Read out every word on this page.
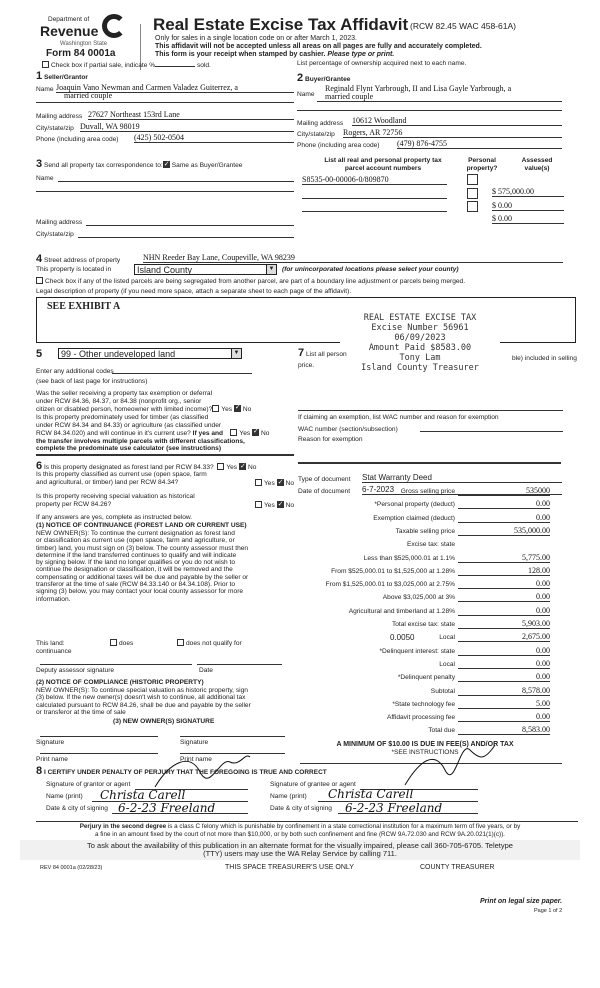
Department of
Revenue
Washington State
Form 84 0001a
Real Estate Excise Tax Affidavit (RCW 82.45 WAC 458-61A)
Only for sales in a single location code on or after March 1, 2023.
This affidavit will not be accepted unless all areas on all pages are fully and accurately completed.
This form is your receipt when stamped by cashier. Please type or print.
Check box if partial sale, indicate %	sold.	List percentage of ownership acquired next to each name.
1 Seller/Grantor
Name Joaquin Vano Newman and Carmen Valadez Guiterrez, a
married couple
Mailing address 27627 Northeast 153rd Lane
City/state/zip Duvall, WA 98019
Phone (including area code) (425) 502-0504
2 Buyer/Grantee
Name
Reginald Flynt Yarbrough, II and Lisa Gayle Yarbrough, a
married couple
Mailing address 10612 Woodland
City/state/zip Rogers, AR 72756
Phone (including area code) (479) 876-4755
3 Send all property tax correspondence to: ✓ Same as Buyer/Grantee
Name
Mailing address
City/state/zip
List all real and personal property tax
parcel account numbers
Personal
property?
Assessed
value(s)
S8535-00-00006-0/809870
$ 575,000.00
$ 0.00
$ 0.00
4 Street address of property	NHN Reeder Bay Lane, Coupeville, WA 98239
This property is located in	Island County	▼ (for unincorporated locations please select your county)
Check box if any of the listed parcels are being segregated from another parcel, are part of a boundary line adjustment or parcels being merged.
Legal description of property (if you need more space, attach a separate sheet to each page of the affidavit).
SEE EXHIBIT A
REAL ESTATE EXCISE TAX
Excise Number 56961
06/09/2023
Amount Paid $8583.00
Tony Lam
Island County Treasurer
5	99 - Other undeveloped land	▼
Enter any additional codes
(see back of last page for instructions)
Was the seller receiving a property tax exemption or deferral
under RCW 84.36, 84.37, or 84.38 (nonprofit org., senior
citizen or disabled person, homeowner with limited income)? Yes ✓ No
Is this property predominately used for timber (as classified
under RCW 84.34 and 84.33) or agriculture (as classified under
RCW 84.34.020) and will continue in it's current use? If yes and Yes ✓ No
the transfer involves multiple parcels with different classifications,
complete the predominate use calculator (see instructions)
7 List all person
ble) included in selling
price.
If claiming an exemption, list WAC number and reason for exemption
WAC number (section/subsection)
Reason for exemption
Type of document Stat Warranty Deed
Date of document 6-7-2023	Gross selling price	535000
*Personal property (deduct)	0.00
Exemption claimed (deduct)	0.00
Taxable selling price	535,000.00
Excise tax: state
Less than $525,000.01 at 1.1%	5,775.00
From $525,000.01 to $1,525,000 at 1.28%	128.00
From $1,525,000.01 to $3,025,000 at 2.75%	0.00
Above $3,025,000 at 3%	0.00
Agricultural and timberland at 1.28%	0.00
Total excise tax: state	5,903.00
Local
0.0050	2,675.00
*Delinquent interest: state	0.00
Local	0.00
*Delinquent penalty	0.00
Subtotal	8,578.00
*State technology fee	5.00
Affidavit processing fee	0.00
Total due	8,583.00
A MINIMUM OF $10.00 IS DUE IN FEE(S) AND/OR TAX
*SEE INSTRUCTIONS
6 Is this property designated as forest land per RCW 84.33? Yes ✓ No
Is this property classified as current use (open space, farm
and agricultural, or timber) land per RCW 84.34?	Yes ✓ No
Is this property receiving special valuation as historical
property per RCW 84.26?	Yes ✓ No
If any answers are yes, complete as instructed below.
(1) NOTICE OF CONTINUANCE (FOREST LAND OR CURRENT USE)
NEW OWNER(S): To continue the current designation as forest land
or classification as current use (open space, farm and agriculture, or
timber) land, you must sign on (3) below. The county assessor must then
determine if the land transferred continues to qualify and will indicate
by signing below. If the land no longer qualifies or you do not wish to
continue the designation or classification, it will be removed and the
compensating or additional taxes will be due and payable by the seller or
transferor at the time of sale (RCW 84.33.140 or 84.34.108). Prior to
signing (3) below, you may contact your local county assessor for more
information.
This land:
continuance
does	does not qualify for
Deputy assessor signature	Date
(2) NOTICE OF COMPLIANCE (HISTORIC PROPERTY)
NEW OWNER(S): To continue special valuation as historic property, sign
(3) below. If the new owner(s) doesn't wish to continue, all additional tax
calculated pursuant to RCW 84.26, shall be due and payable by the seller
or transferor at the time of sale
(3) NEW OWNER(S) SIGNATURE
Signature	Signature
Print name	Print name
8 I CERTIFY UNDER PENALTY OF PERJURY THAT THE FOREGOING IS TRUE AND CORRECT
Signature of grantor or agent
Name (print)
Date & city of signing
Christa Carell
6-2-23 Freeland
Signature of grantee or agent
Name (print)
Date & city of signing
Christa Carell
6-2-23 Freeland
Perjury in the second degree is a class C felony which is punishable by confinement in a state correctional institution for a maximum term of five years, or by
a fine in an amount fixed by the court of not more than $10,000, or by both such confinement and fine (RCW 9A.72.030 and RCW 9A.20.021(1)(c)).
To ask about the availability of this publication in an alternate format for the visually impaired, please call 360-705-6705. Teletype
(TTY) users may use the WA Relay Service by calling 711.
REV 84 0001a (02/28/23)	THIS SPACE TREASURER'S USE ONLY	COUNTY TREASURER
Print on legal size paper.
Page 1 of 2
